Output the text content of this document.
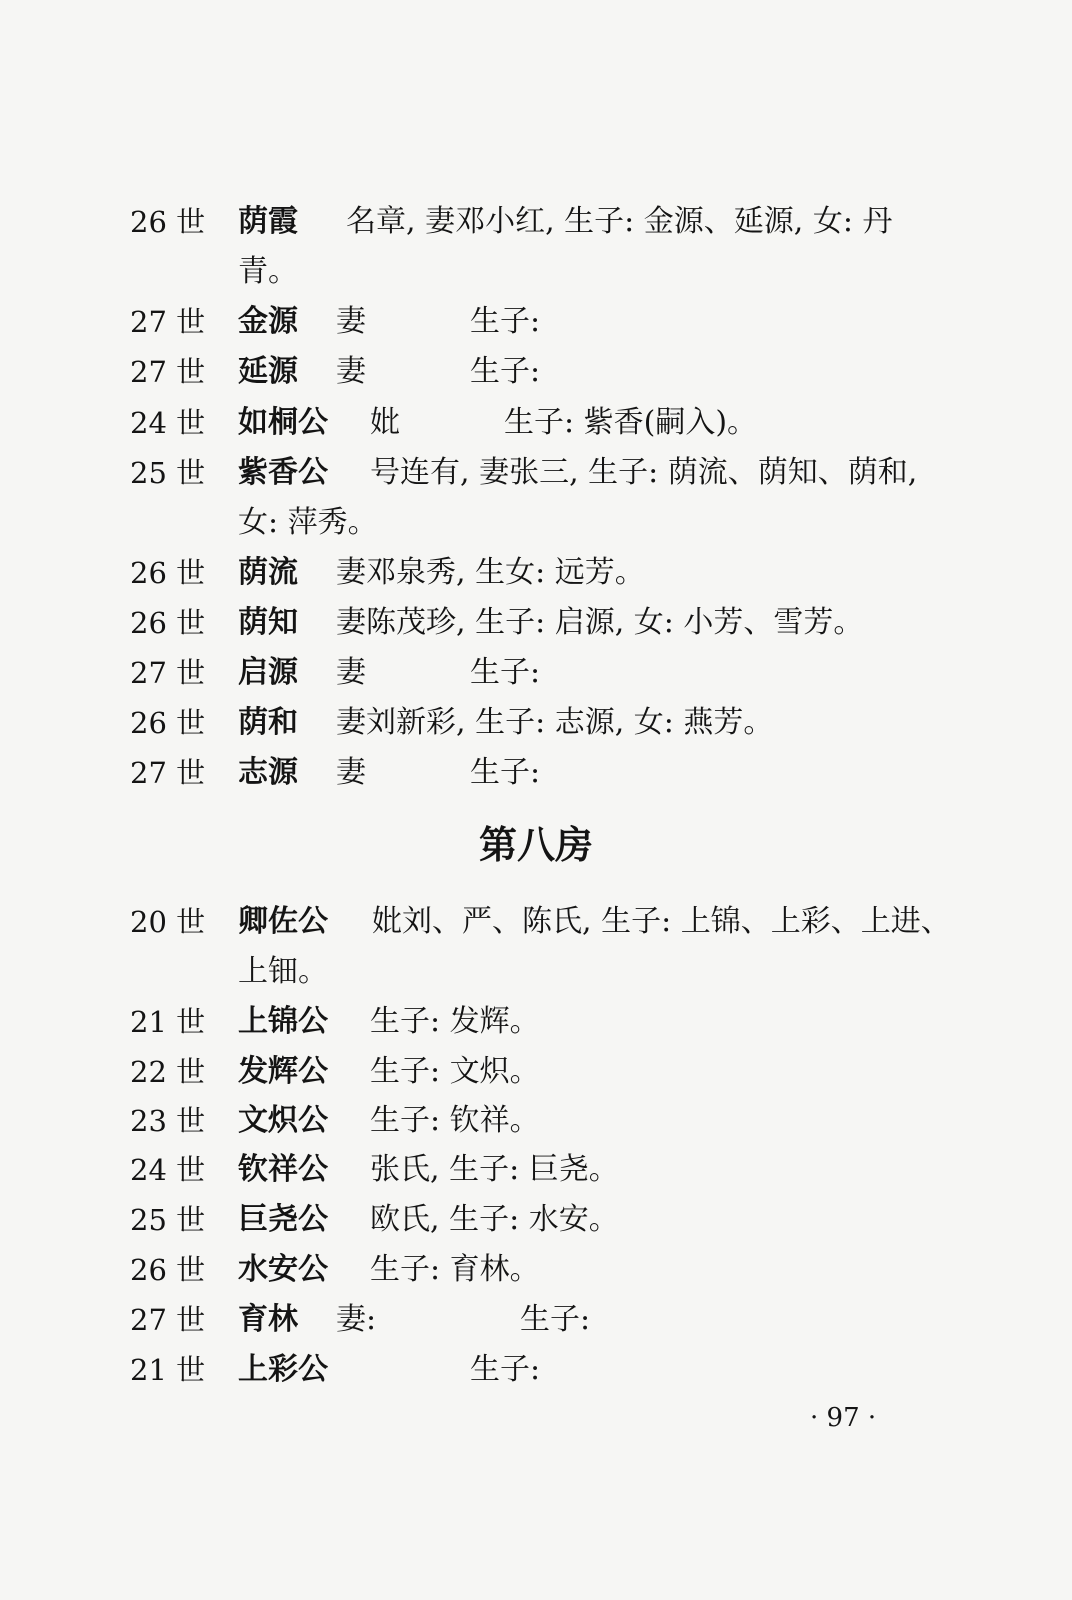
26 世 荫霞 名章, 妻邓小红, 生子: 金源、延源, 女: 丹
青。
27 世 金源 妻	生子:
27 世 延源 妻	生子:
24 世 如桐公 妣	生子: 紫香(嗣入)。
25 世 紫香公 号连有, 妻张三, 生子: 荫流、荫知、荫和,
女: 萍秀。
26 世 荫流 妻邓泉秀, 生女: 远芳。
26 世 荫知 妻陈茂珍, 生子: 启源, 女: 小芳、雪芳。
27 世 启源 妻	生子:
26 世 荫和 妻刘新彩, 生子: 志源, 女: 燕芳。
27 世 志源 妻	生子:
第八房
20 世 卿佐公 妣刘、严、陈氏, 生子: 上锦、上彩、上进、
上钿。
21 世 上锦公 生子: 发辉。
22 世 发辉公 生子: 文炽。
23 世 文炽公 生子: 钦祥。
24 世 钦祥公 张氏, 生子: 巨尧。
25 世 巨尧公 欧氏, 生子: 水安。
26 世 水安公 生子: 育林。
27 世 育林 妻:	生子:
21 世 上彩公	生子:
· 97 ·
